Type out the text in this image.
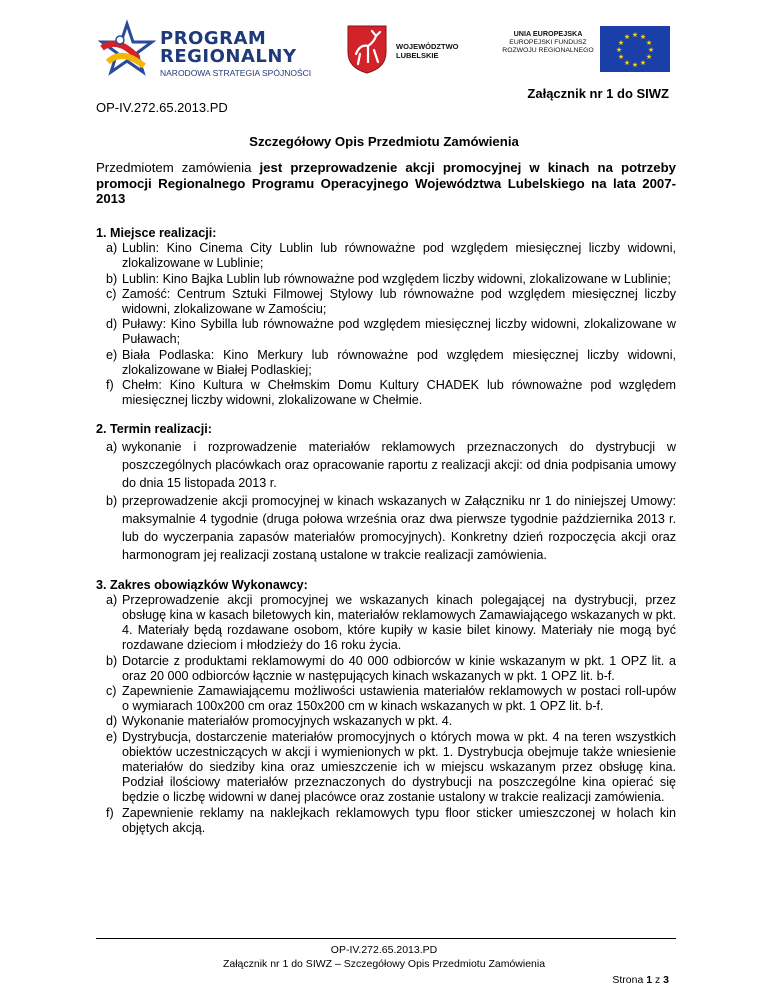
PROGRAM
REGIONALNY
NARODOWA STRATEGIA SPÓJNOŚCI
WOJEWÓDZTWO
LUBELSKIE
UNIA EUROPEJSKA
EUROPEJSKI FUNDUSZ
ROZWOJU REGIONALNEGO
★ ★
★
★
★
★
★
★
★
★
★
★
Załącznik nr 1 do SIWZ
OP-IV.272.65.2013.PD
Szczegółowy Opis Przedmiotu Zamówienia
Przedmiotem zamówienia jest przeprowadzenie akcji promocyjnej w kinach na potrzeby promocji Regionalnego Programu Operacyjnego Województwa Lubelskiego na lata 2007-2013
1. Miejsce realizacji:
a) Lublin: Kino Cinema City Lublin lub równoważne pod względem miesięcznej liczby widowni, zlokalizowane w Lublinie;
b) Lublin: Kino Bajka Lublin lub równoważne pod względem liczby widowni, zlokalizowane w Lublinie;
c) Zamość: Centrum Sztuki Filmowej Stylowy lub równoważne pod względem miesięcznej liczby widowni, zlokalizowane w Zamościu;
d) Puławy: Kino Sybilla lub równoważne pod względem miesięcznej liczby widowni, zlokalizowane w Puławach;
e) Biała Podlaska: Kino Merkury lub równoważne pod względem miesięcznej liczby widowni, zlokalizowane w Białej Podlaskiej;
f) Chełm: Kino Kultura w Chełmskim Domu Kultury CHADEK lub równoważne pod względem miesięcznej liczby widowni, zlokalizowane w Chełmie.
2. Termin realizacji:
a) wykonanie i rozprowadzenie materiałów reklamowych przeznaczonych do dystrybucji w poszczególnych placówkach oraz opracowanie raportu z realizacji akcji: od dnia podpisania umowy do dnia 15 listopada 2013 r.
b) przeprowadzenie akcji promocyjnej w kinach wskazanych w Załączniku nr 1 do niniejszej Umowy: maksymalnie 4 tygodnie (druga połowa września oraz dwa pierwsze tygodnie października 2013 r. lub do wyczerpania zapasów materiałów promocyjnych). Konkretny dzień rozpoczęcia akcji oraz harmonogram jej realizacji zostaną ustalone w trakcie realizacji zamówienia.
3. Zakres obowiązków Wykonawcy:
a) Przeprowadzenie akcji promocyjnej we wskazanych kinach polegającej na dystrybucji, przez obsługę kina w kasach biletowych kin, materiałów reklamowych Zamawiającego wskazanych w pkt. 4. Materiały będą rozdawane osobom, które kupiły w kasie bilet kinowy. Materiały nie mogą być rozdawane dzieciom i młodzieży do 16 roku życia.
b) Dotarcie z produktami reklamowymi do 40 000 odbiorców w kinie wskazanym w pkt. 1 OPZ lit. a oraz 20 000 odbiorców łącznie w następujących kinach wskazanych w pkt. 1 OPZ lit. b-f.
c) Zapewnienie Zamawiającemu możliwości ustawienia materiałów reklamowych w postaci roll-upów o wymiarach 100x200 cm oraz 150x200 cm w kinach wskazanych w pkt. 1 OPZ lit. b-f.
d) Wykonanie materiałów promocyjnych wskazanych w pkt. 4.
e) Dystrybucja, dostarczenie materiałów promocyjnych o których mowa w pkt. 4 na teren wszystkich obiektów uczestniczących w akcji i wymienionych w pkt. 1. Dystrybucja obejmuje także wniesienie materiałów do siedziby kina oraz umieszczenie ich w miejscu wskazanym przez obsługę kina. Podział ilościowy materiałów przeznaczonych do dystrybucji na poszczególne kina opierać się będzie o liczbę widowni w danej placówce oraz zostanie ustalony w trakcie realizacji zamówienia.
f) Zapewnienie reklamy na naklejkach reklamowych typu floor sticker umieszczonej w holach kin objętych akcją.
OP-IV.272.65.2013.PD
Załącznik nr 1 do SIWZ – Szczegółowy Opis Przedmiotu Zamówienia
Strona 1 z 3
